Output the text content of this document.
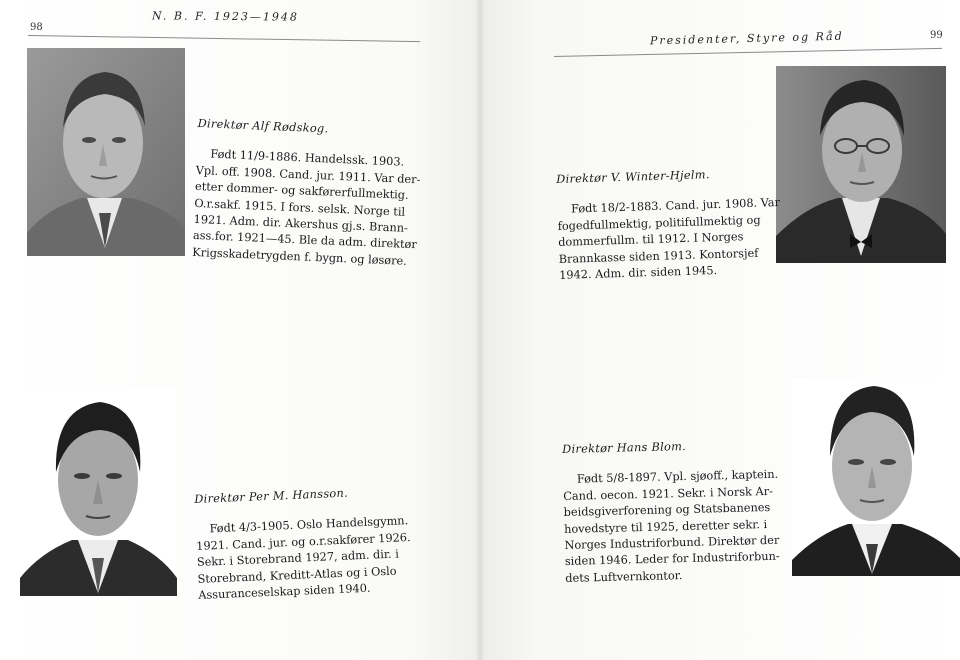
98
N. B. F. 1923—1948
99
Presidenter, Styre og Råd
Direktør Alf Rødskog.
Født 11/9-1886. Handelssk. 1903.
Vpl. off. 1908. Cand. jur. 1911. Var der-
etter dommer- og sakførerfullmektig.
O.r.sakf. 1915. I fors. selsk. Norge til
1921. Adm. dir. Akershus gj.s. Brann-
ass.for. 1921—45. Ble da adm. direktør
Krigsskadetrygden f. bygn. og løsøre.
Direktør V. Winter-Hjelm.
Født 18/2-1883. Cand. jur. 1908. Var
fogedfullmektig, politifullmektig og
dommerfullm. til 1912. I Norges
Brannkasse siden 1913. Kontorsjef
1942. Adm. dir. siden 1945.
Direktør Per M. Hansson.
Født 4/3-1905. Oslo Handelsgymn.
1921. Cand. jur. og o.r.sakfører 1926.
Sekr. i Storebrand 1927, adm. dir. i
Storebrand, Kreditt-Atlas og i Oslo
Assuranceselskap siden 1940.
Direktør Hans Blom.
Født 5/8-1897. Vpl. sjøoff., kaptein.
Cand. oecon. 1921. Sekr. i Norsk Ar-
beidsgiverforening og Statsbanenes
hovedstyre til 1925, deretter sekr. i
Norges Industriforbund. Direktør der
siden 1946. Leder for Industriforbun-
dets Luftvernkontor.
